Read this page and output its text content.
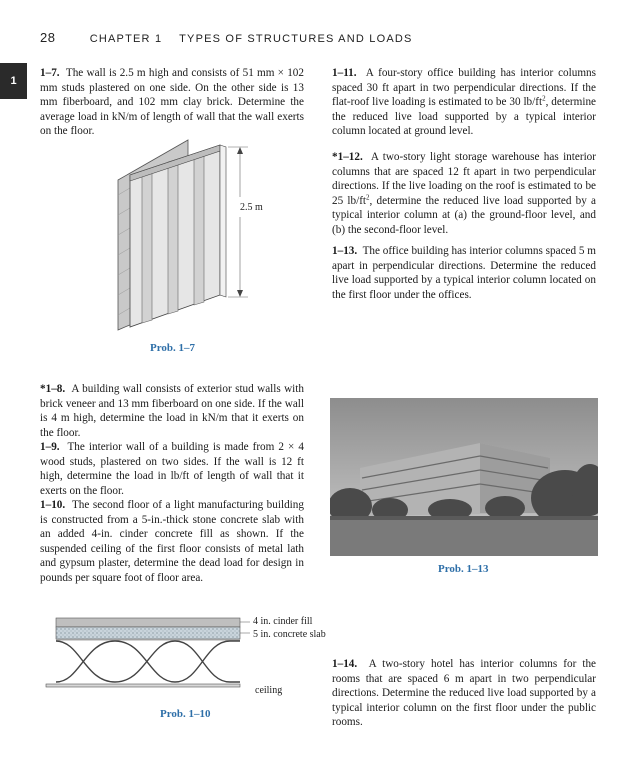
28	CHAPTER 1 TYPES OF STRUCTURES AND LOADS
1
1–7. The wall is 2.5 m high and consists of 51 mm × 102 mm studs plastered on one side. On the other side is 13 mm fiberboard, and 102 mm clay brick. Determine the average load in kN/m of length of wall that the wall exerts on the floor.
2.5 m
Prob. 1–7
*1–8. A building wall consists of exterior stud walls with brick veneer and 13 mm fiberboard on one side. If the wall is 4 m high, determine the load in kN/m that it exerts on the floor.
1–9. The interior wall of a building is made from 2 × 4 wood studs, plastered on two sides. If the wall is 12 ft high, determine the load in lb/ft of length of wall that it exerts on the floor.
1–10. The second floor of a light manufacturing building is constructed from a 5-in.-thick stone concrete slab with an added 4-in. cinder concrete fill as shown. If the suspended ceiling of the first floor consists of metal lath and gypsum plaster, determine the dead load for design in pounds per square foot of floor area.
4 in. cinder fill
5 in. concrete slab
ceiling
Prob. 1–10
1–11. A four-story office building has interior columns spaced 30 ft apart in two perpendicular directions. If the flat-roof live loading is estimated to be 30 $lb/ft^2$, determine the reduced live load supported by a typical interior column located at ground level.
*1–12. A two-story light storage warehouse has interior columns that are spaced 12 ft apart in two perpendicular directions. If the live loading on the roof is estimated to be 25 $lb/ft^2$, determine the reduced live load supported by a typical interior column at (a) the ground-floor level, and (b) the second-floor level.
1–13. The office building has interior columns spaced 5 m apart in perpendicular directions. Determine the reduced live load supported by a typical interior column located on the first floor under the offices.
Prob. 1–13
1–14. A two-story hotel has interior columns for the rooms that are spaced 6 m apart in two perpendicular directions. Determine the reduced live load supported by a typical interior column on the first floor under the public rooms.
